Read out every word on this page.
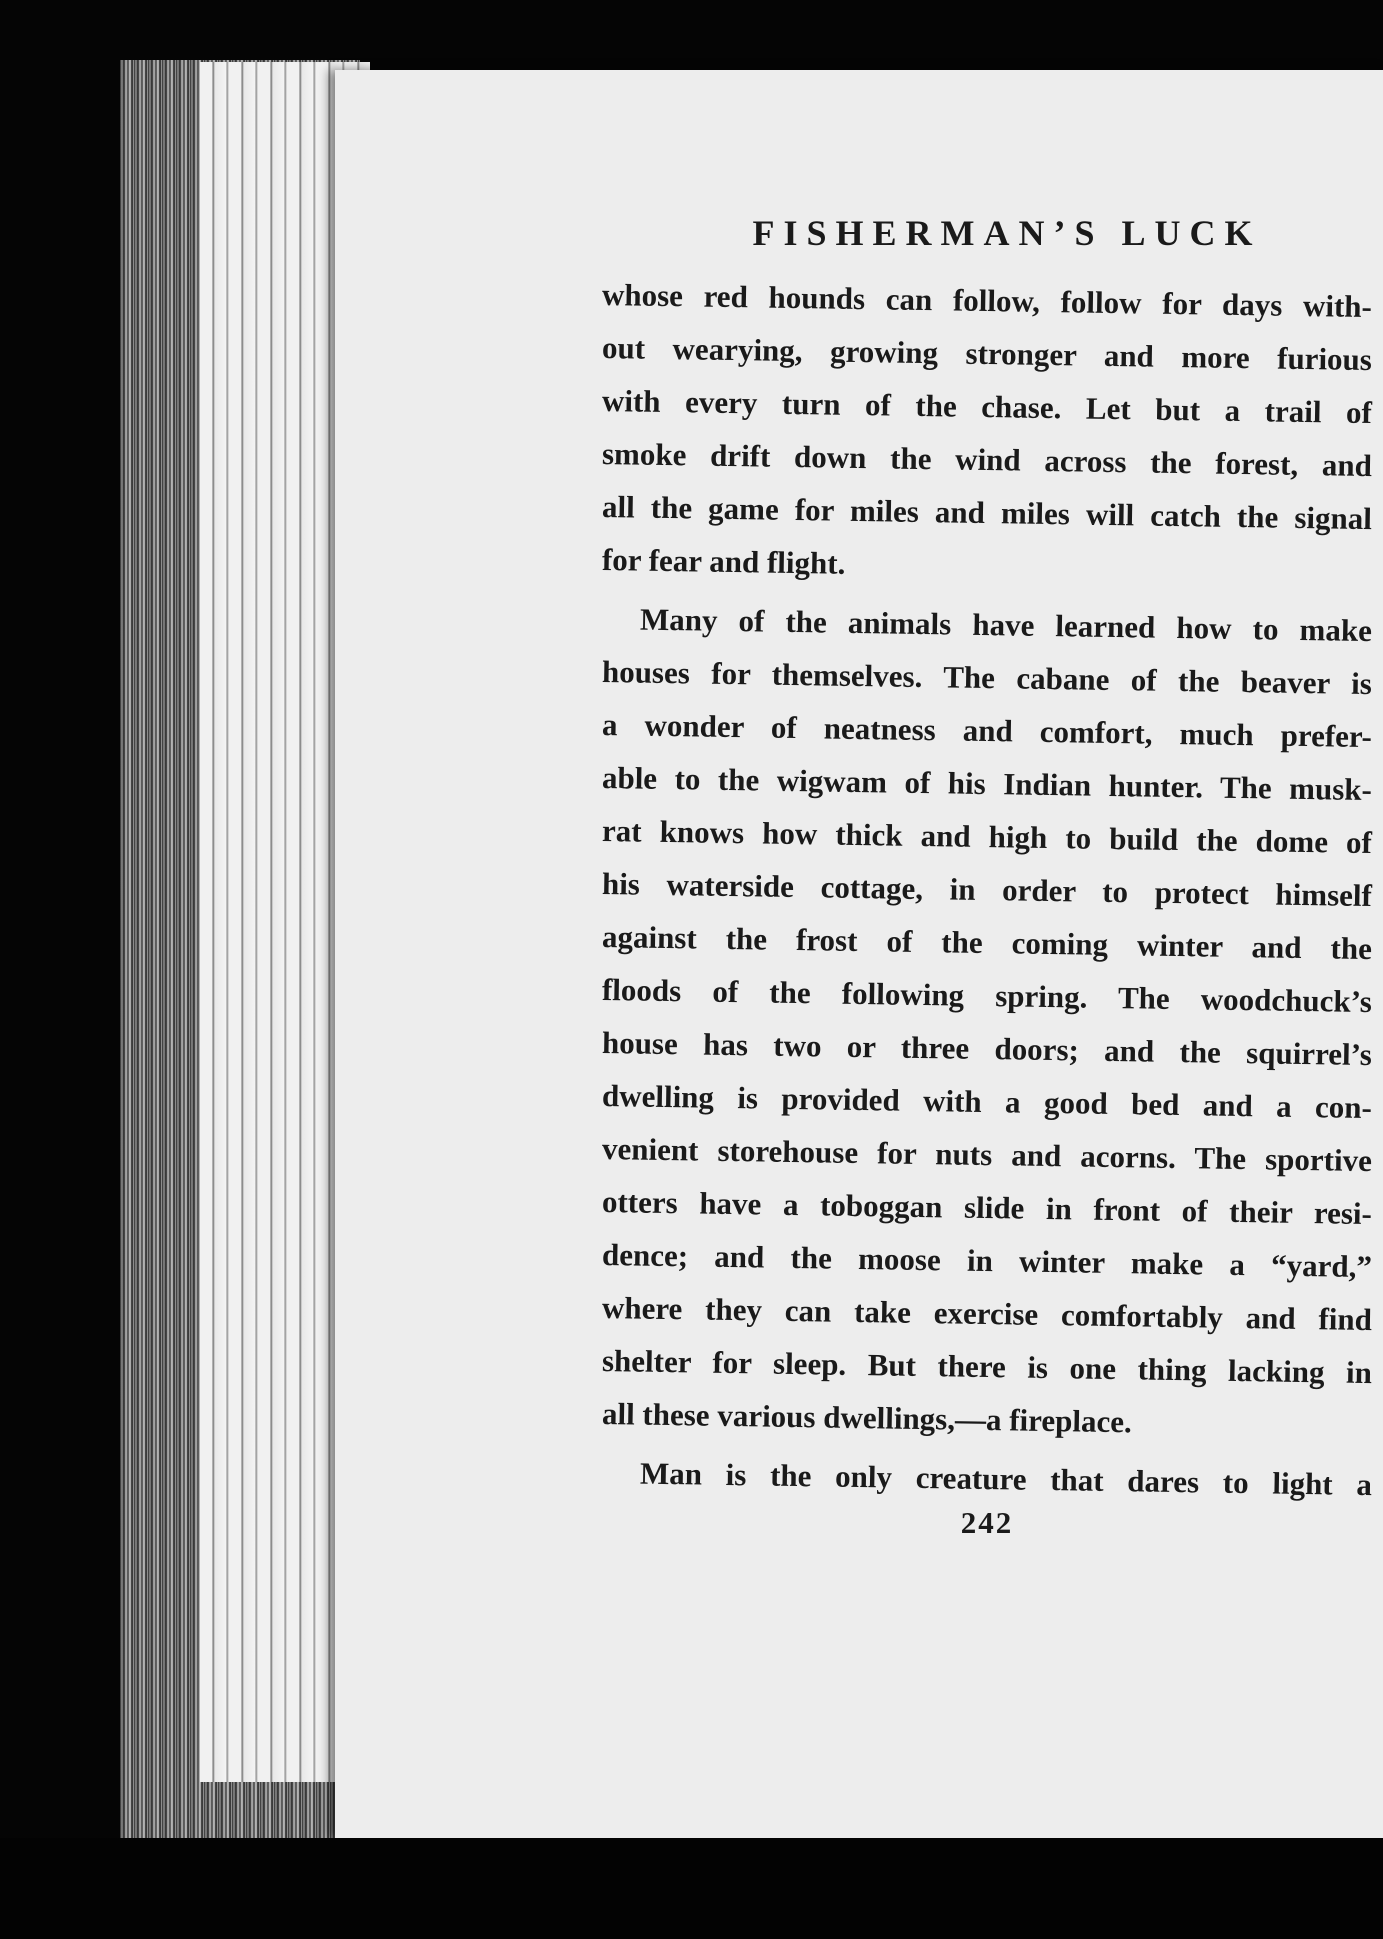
FISHERMAN’S LUCK
whose red hounds can follow, follow for days with-
out wearying, growing stronger and more furious
with every turn of the chase. Let but a trail of
smoke drift down the wind across the forest, and
all the game for miles and miles will catch the signal
for fear and flight.
Many of the animals have learned how to make
houses for themselves. The cabane of the beaver is
a wonder of neatness and comfort, much prefer-
able to the wigwam of his Indian hunter. The musk-
rat knows how thick and high to build the dome of
his waterside cottage, in order to protect himself
against the frost of the coming winter and the
floods of the following spring. The woodchuck’s
house has two or three doors; and the squirrel’s
dwelling is provided with a good bed and a con-
venient storehouse for nuts and acorns. The sportive
otters have a toboggan slide in front of their resi-
dence; and the moose in winter make a “yard,”
where they can take exercise comfortably and find
shelter for sleep. But there is one thing lacking in
all these various dwellings,—a fireplace.
Man is the only creature that dares to light a
242
